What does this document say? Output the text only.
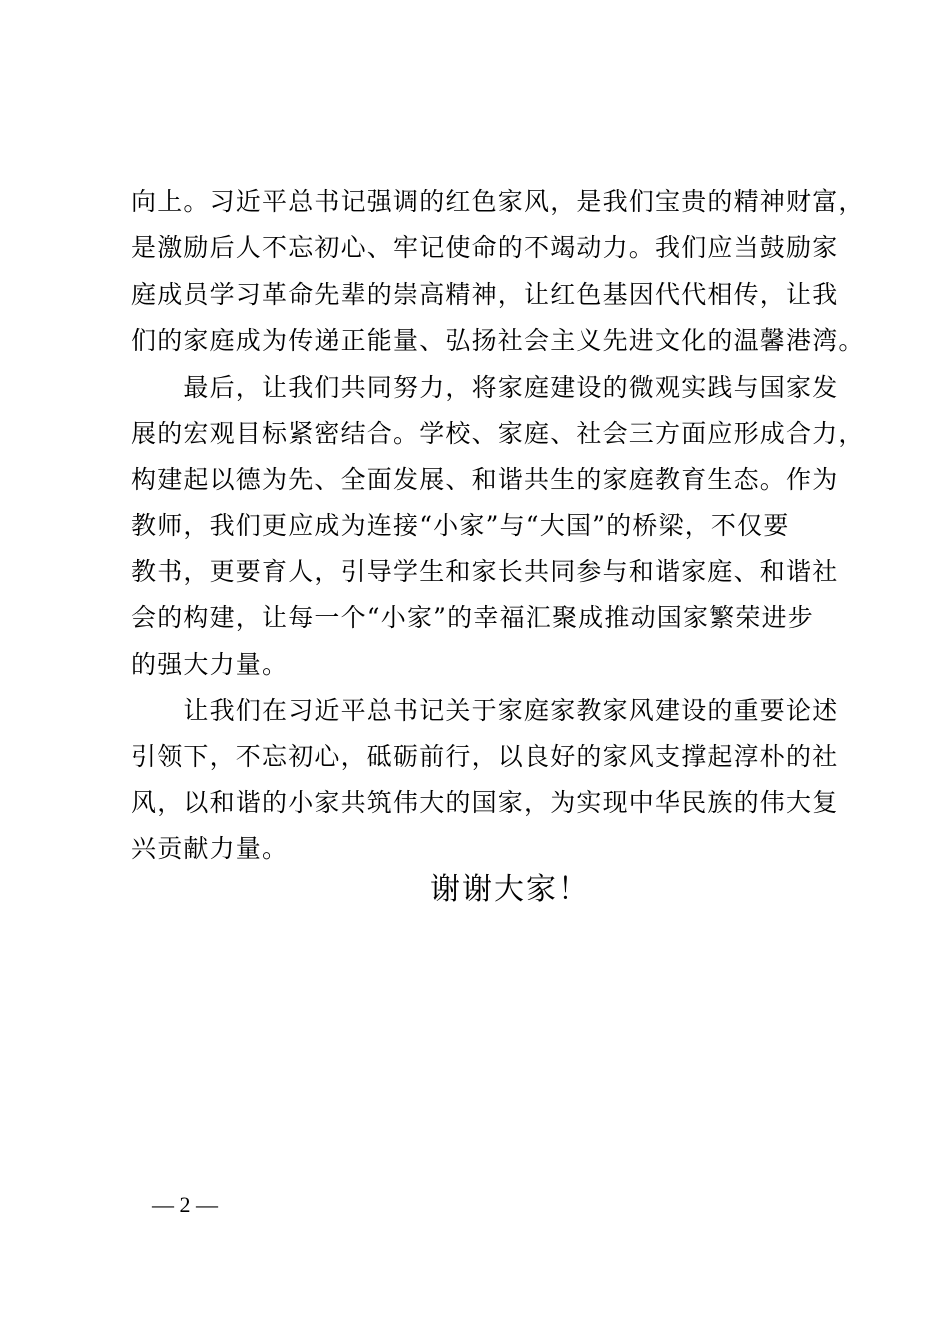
向上。习近平总书记强调的红色家风，是我们宝贵的精神财富，
是激励后人不忘初心、牢记使命的不竭动力。我们应当鼓励家
庭成员学习革命先辈的崇高精神，让红色基因代代相传，让我
们的家庭成为传递正能量、弘扬社会主义先进文化的温馨港湾。
　　最后，让我们共同努力，将家庭建设的微观实践与国家发
展的宏观目标紧密结合。学校、家庭、社会三方面应形成合力，
构建起以德为先、全面发展、和谐共生的家庭教育生态。作为
教师，我们更应成为连接“小家”与“大国”的桥梁，不仅要
教书，更要育人，引导学生和家长共同参与和谐家庭、和谐社
会的构建，让每一个“小家”的幸福汇聚成推动国家繁荣进步
的强大力量。
　　让我们在习近平总书记关于家庭家教家风建设的重要论述
引领下，不忘初心，砥砺前行，以良好的家风支撑起淳朴的社
风，以和谐的小家共筑伟大的国家，为实现中华民族的伟大复
兴贡献力量。
谢谢大家！
— 2 —
